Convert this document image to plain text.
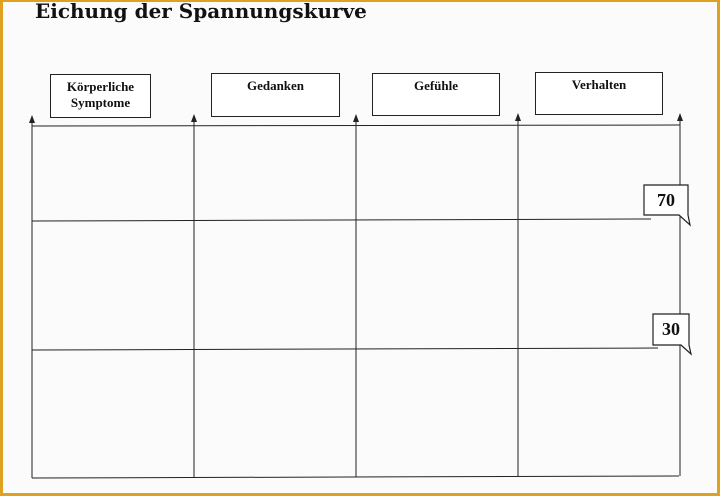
Eichung der Spannungskurve
Körperliche Symptome
Gedanken	Gefühle	Verhalten
70
30
